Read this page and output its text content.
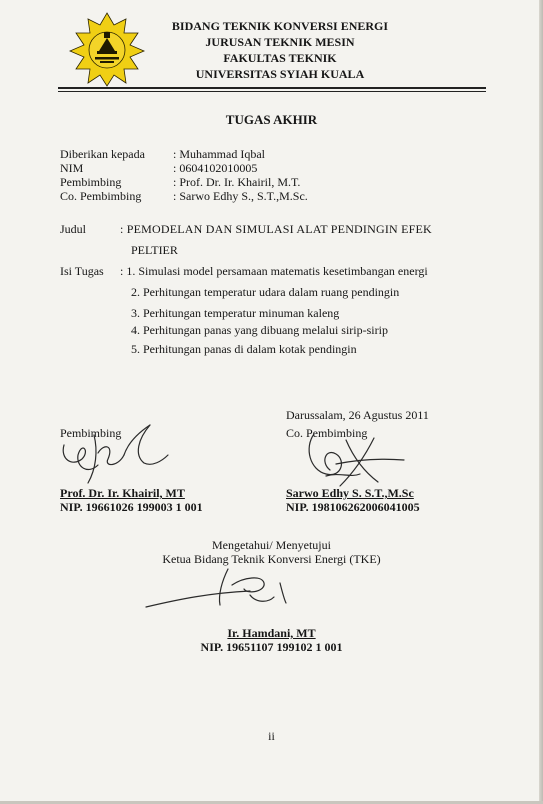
BIDANG TEKNIK KONVERSI ENERGI
JURUSAN TEKNIK MESIN
FAKULTAS TEKNIK
UNIVERSITAS SYIAH KUALA
TUGAS AKHIR
Diberikan kepada
NIM
Pembimbing
Co. Pembimbing
: Muhammad Iqbal
: 0604102010005
: Prof. Dr. Ir. Khairil, M.T.
: Sarwo Edhy S., S.T.,M.Sc.
Judul	: PEMODELAN DAN SIMULASI ALAT PENDINGIN EFEK
PELTIER
Isi Tugas : 1. Simulasi model persamaan matematis kesetimbangan energi
2. Perhitungan temperatur udara dalam ruang pendingin
3. Perhitungan temperatur minuman kaleng
4. Perhitungan panas yang dibuang melalui sirip-sirip
5. Perhitungan panas di dalam kotak pendingin
Darussalam, 26 Agustus 2011
Pembimbing
Prof. Dr. Ir. Khairil, MT
NIP. 19661026 199003 1 001
Co. Pembimbing
Sarwo Edhy S. S.T.,M.Sc
NIP. 19810626200604100​5
Mengetahui/ Menyetujui
Ketua Bidang Teknik Konversi Energi (TKE)
Ir. Hamdani, MT
NIP. 19651107 199102 1 001
ii
